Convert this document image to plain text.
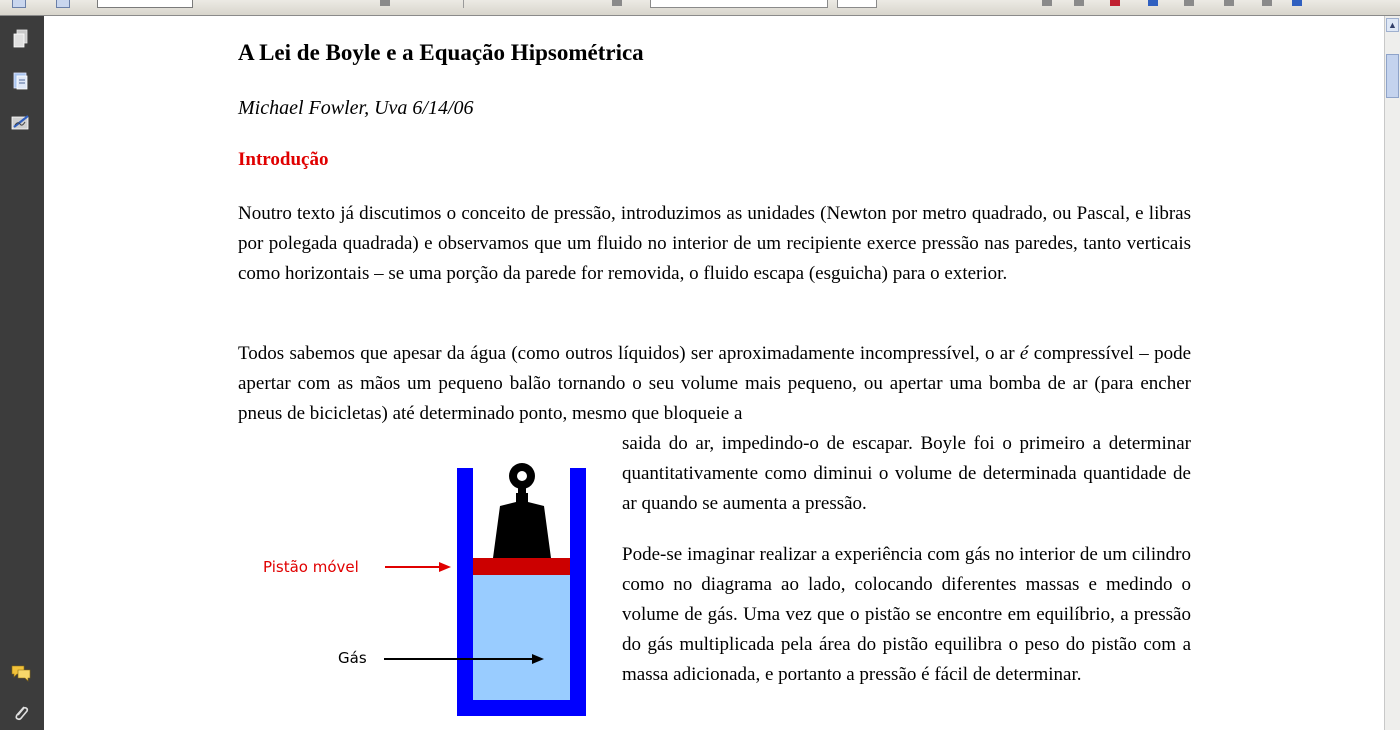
A Lei de Boyle e a Equação Hipsométrica
Michael Fowler, Uva 6/14/06
Introdução

Noutro texto já discutimos o conceito de pressão, introduzimos as unidades (Newton por metro quadrado, ou Pascal, e libras por polegada quadrada) e observamos que um fluido no interior de um recipiente exerce pressão nas paredes, tanto verticais como horizontais – se uma porção da parede for removida, o fluido escapa (esguicha) para o exterior.

Todos sabemos que apesar da água (como outros líquidos) ser aproximadamente incompressível, o ar é compressível – pode apertar com as mãos um pequeno balão tornando o seu volume mais pequeno, ou apertar uma bomba de ar (para encher pneus de bicicletas) até determinado ponto, mesmo que bloqueie a

saida do ar, impedindo-o de escapar. Boyle foi o primeiro a determinar quantitativamente como diminui o volume de determinada quantidade de ar quando se aumenta a pressão.

Pode-se imaginar realizar a experiência com gás no interior de um cilindro como no diagrama ao lado, colocando diferentes massas e medindo o volume de gás. Uma vez que o pistão se encontre em equilíbrio, a pressão do gás multiplicada pela área do pistão equilibra o peso do pistão com a massa adicionada, e portanto a pressão é fácil de determinar.

Pistão móvel
Gás
▲
